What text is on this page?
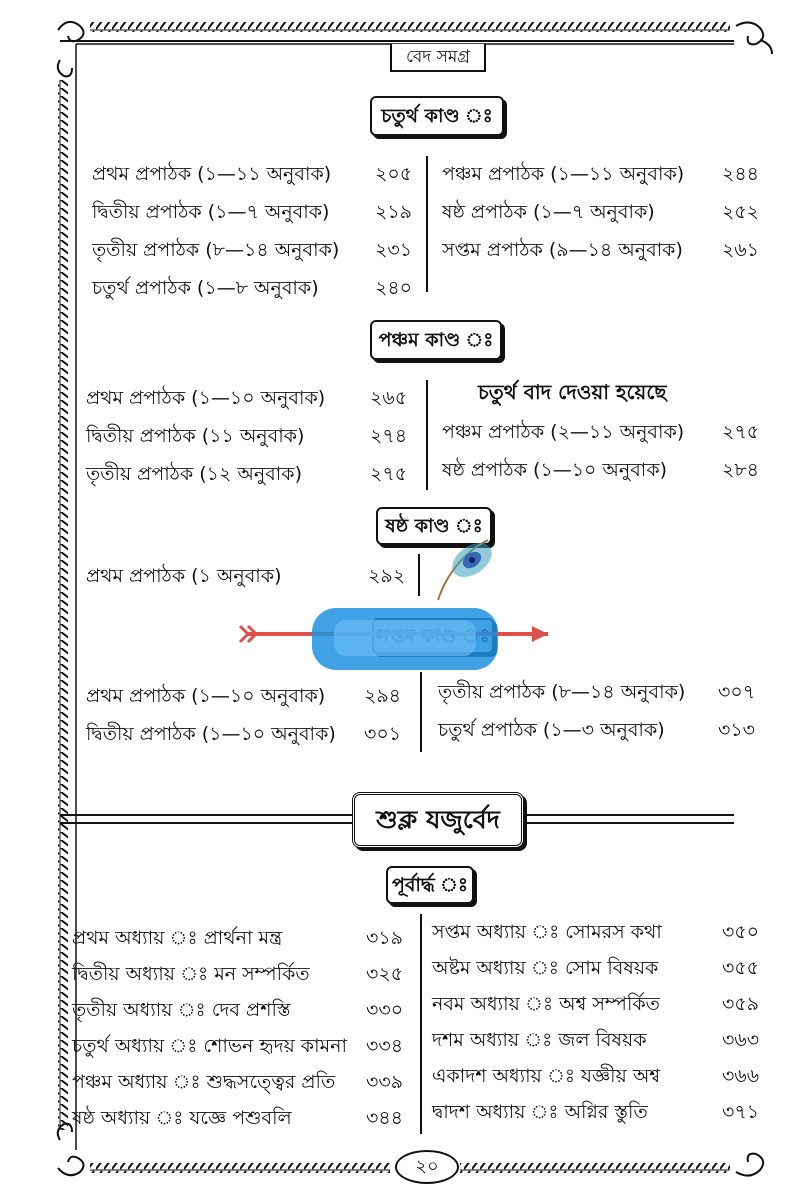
বেদ সমগ্র
চতুর্থ কাণ্ড ঃ
প্রথম প্রপাঠক (১—১১ অনুবাক) ২০৫
দ্বিতীয় প্রপাঠক (১—৭ অনুবাক) ২১৯
তৃতীয় প্রপাঠক (৮—১৪ অনুবাক) ২৩১
চতুর্থ প্রপাঠক (১—৮ অনুবাক)	২৪০
পঞ্চম প্রপাঠক (১—১১ অনুবাক) ২৪৪
ষষ্ঠ প্রপাঠক (১—৭ অনুবাক)	২৫২
সপ্তম প্রপাঠক (৯—১৪ অনুবাক) ২৬১
পঞ্চম কাণ্ড ঃ
প্রথম প্রপাঠক (১—১০ অনুবাক) ২৬৫
দ্বিতীয় প্রপাঠক (১১ অনুবাক)	২৭৪
তৃতীয় প্রপাঠক (১২ অনুবাক)	২৭৫
চতুর্থ বাদ দেওয়া হয়েছে
পঞ্চম প্রপাঠক (২—১১ অনুবাক) ২৭৫
ষষ্ঠ প্রপাঠক (১—১০ অনুবাক)	২৮৪
ষষ্ঠ কাণ্ড ঃ
প্রথম প্রপাঠক (১ অনুবাক)	২৯২
প্রথম প্রপাঠক (১—১০ অনুবাক) ২৯৪
দ্বিতীয় প্রপাঠক (১—১০ অনুবাক) ৩০১
তৃতীয় প্রপাঠক (৮—১৪ অনুবাক) ৩০৭
চতুর্থ প্রপাঠক (১—৩ অনুবাক)	৩১৩
শুক্ল যজুর্বেদ
পূর্বার্দ্ধ ঃ
প্রথম অধ্যায় ঃ প্রার্থনা মন্ত্র	৩১৯
দ্বিতীয় অধ্যায় ঃ মন সম্পর্কিত	৩২৫
তৃতীয় অধ্যায় ঃ দেব প্রশস্তি	৩৩০
চতুর্থ অধ্যায় ঃ শোভন হৃদয় কামনা ৩৩৪
পঞ্চম অধ্যায় ঃ শুদ্ধসত্ত্বের প্রতি ৩৩৯
ষষ্ঠ অধ্যায় ঃ যজ্ঞে পশুবলি	৩৪৪
সপ্তম অধ্যায় ঃ সোমরস কথা	৩৫০
অষ্টম অধ্যায় ঃ সোম বিষয়ক	৩৫৫
নবম অধ্যায় ঃ অশ্ব সম্পর্কিত	৩৫৯
দশম অধ্যায় ঃ জল বিষয়ক	৩৬৩
একাদশ অধ্যায় ঃ যজ্ঞীয় অশ্ব	৩৬৬
দ্বাদশ অধ্যায় ঃ অগ্নির স্তুতি	৩৭১
২০
